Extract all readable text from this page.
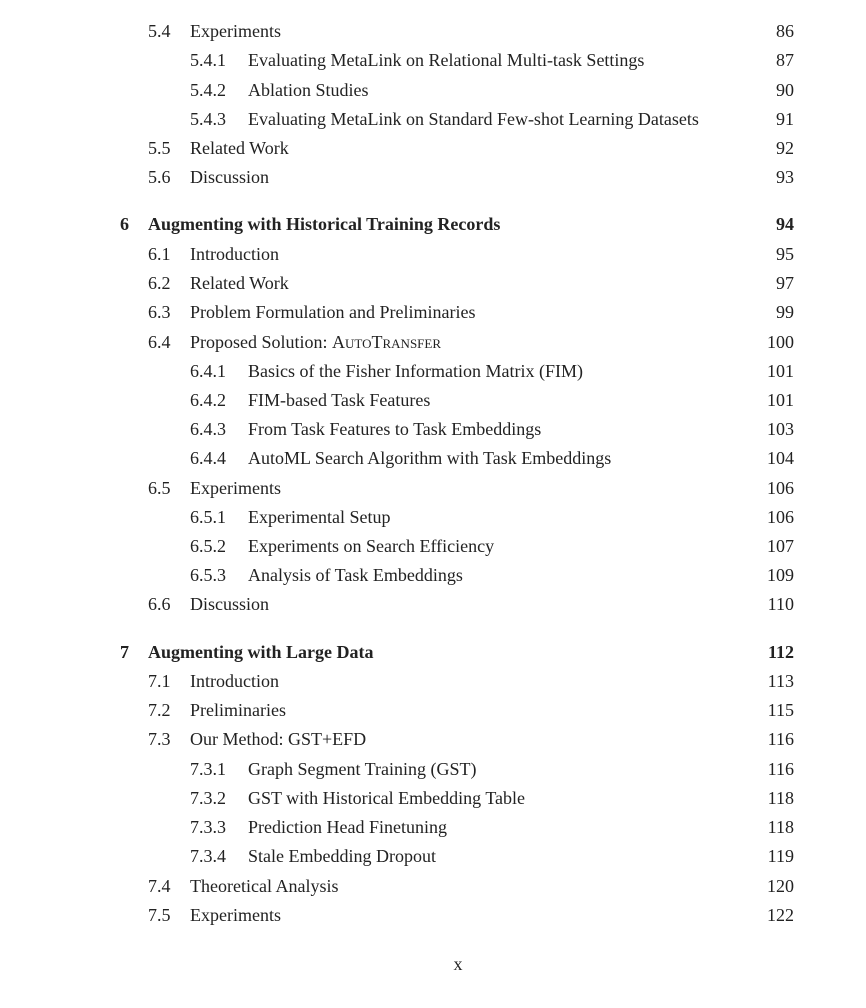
5.4	Experiments	86
5.4.1	Evaluating MetaLink on Relational Multi-task Settings	87
5.4.2	Ablation Studies	90
5.4.3	Evaluating MetaLink on Standard Few-shot Learning Datasets	91
5.5	Related Work	92
5.6	Discussion	93
6	Augmenting with Historical Training Records	94
6.1	Introduction	95
6.2	Related Work	97
6.3	Problem Formulation and Preliminaries	99
6.4	Proposed Solution: AutoTransfer	100
6.4.1	Basics of the Fisher Information Matrix (FIM)	101
6.4.2	FIM-based Task Features	101
6.4.3	From Task Features to Task Embeddings	103
6.4.4	AutoML Search Algorithm with Task Embeddings	104
6.5	Experiments	106
6.5.1	Experimental Setup	106
6.5.2	Experiments on Search Efficiency	107
6.5.3	Analysis of Task Embeddings	109
6.6	Discussion	110
7	Augmenting with Large Data	112
7.1	Introduction	113
7.2	Preliminaries	115
7.3	Our Method: GST+EFD	116
7.3.1	Graph Segment Training (GST)	116
7.3.2	GST with Historical Embedding Table	118
7.3.3	Prediction Head Finetuning	118
7.3.4	Stale Embedding Dropout	119
7.4	Theoretical Analysis	120
7.5	Experiments	122
x
